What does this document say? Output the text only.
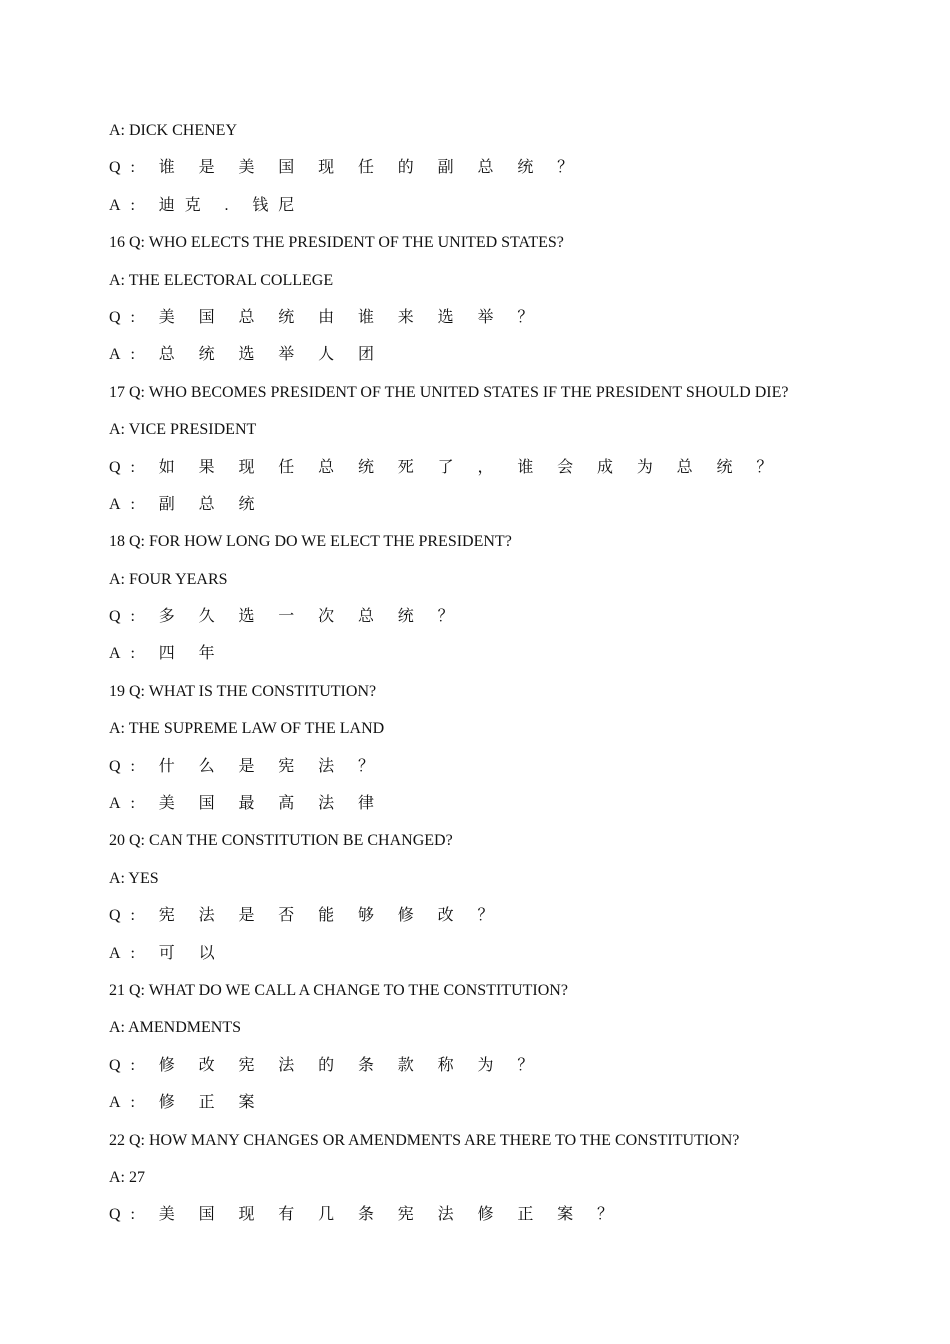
A: DICK CHENEY
Q: 谁 是 美 国 现 任 的 副 总 统 ？
A: 迪克 . 钱尼
16 Q: WHO ELECTS THE PRESIDENT OF THE UNITED STATES?
A: THE ELECTORAL COLLEGE
Q: 美 国 总 统 由 谁 来 选 举 ？
A: 总 统 选 举 人 团
17 Q: WHO BECOMES PRESIDENT OF THE UNITED STATES IF THE PRESIDENT SHOULD DIE?
A: VICE PRESIDENT
Q: 如 果 现 任 总 统 死 了 ， 谁 会 成 为 总 统 ？
A: 副 总 统
18 Q: FOR HOW LONG DO WE ELECT THE PRESIDENT?
A: FOUR YEARS
Q: 多 久 选 一 次 总 统 ？
A: 四 年
19 Q: WHAT IS THE CONSTITUTION?
A: THE SUPREME LAW OF THE LAND
Q: 什 么 是 宪 法 ？
A: 美 国 最 高 法 律
20 Q: CAN THE CONSTITUTION BE CHANGED?
A: YES
Q: 宪 法 是 否 能 够 修 改 ？
A: 可 以
21 Q: WHAT DO WE CALL A CHANGE TO THE CONSTITUTION?
A: AMENDMENTS
Q: 修 改 宪 法 的 条 款 称 为 ？
A: 修 正 案
22 Q: HOW MANY CHANGES OR AMENDMENTS ARE THERE TO THE CONSTITUTION?
A: 27
Q: 美 国 现 有 几 条 宪 法 修 正 案 ？
